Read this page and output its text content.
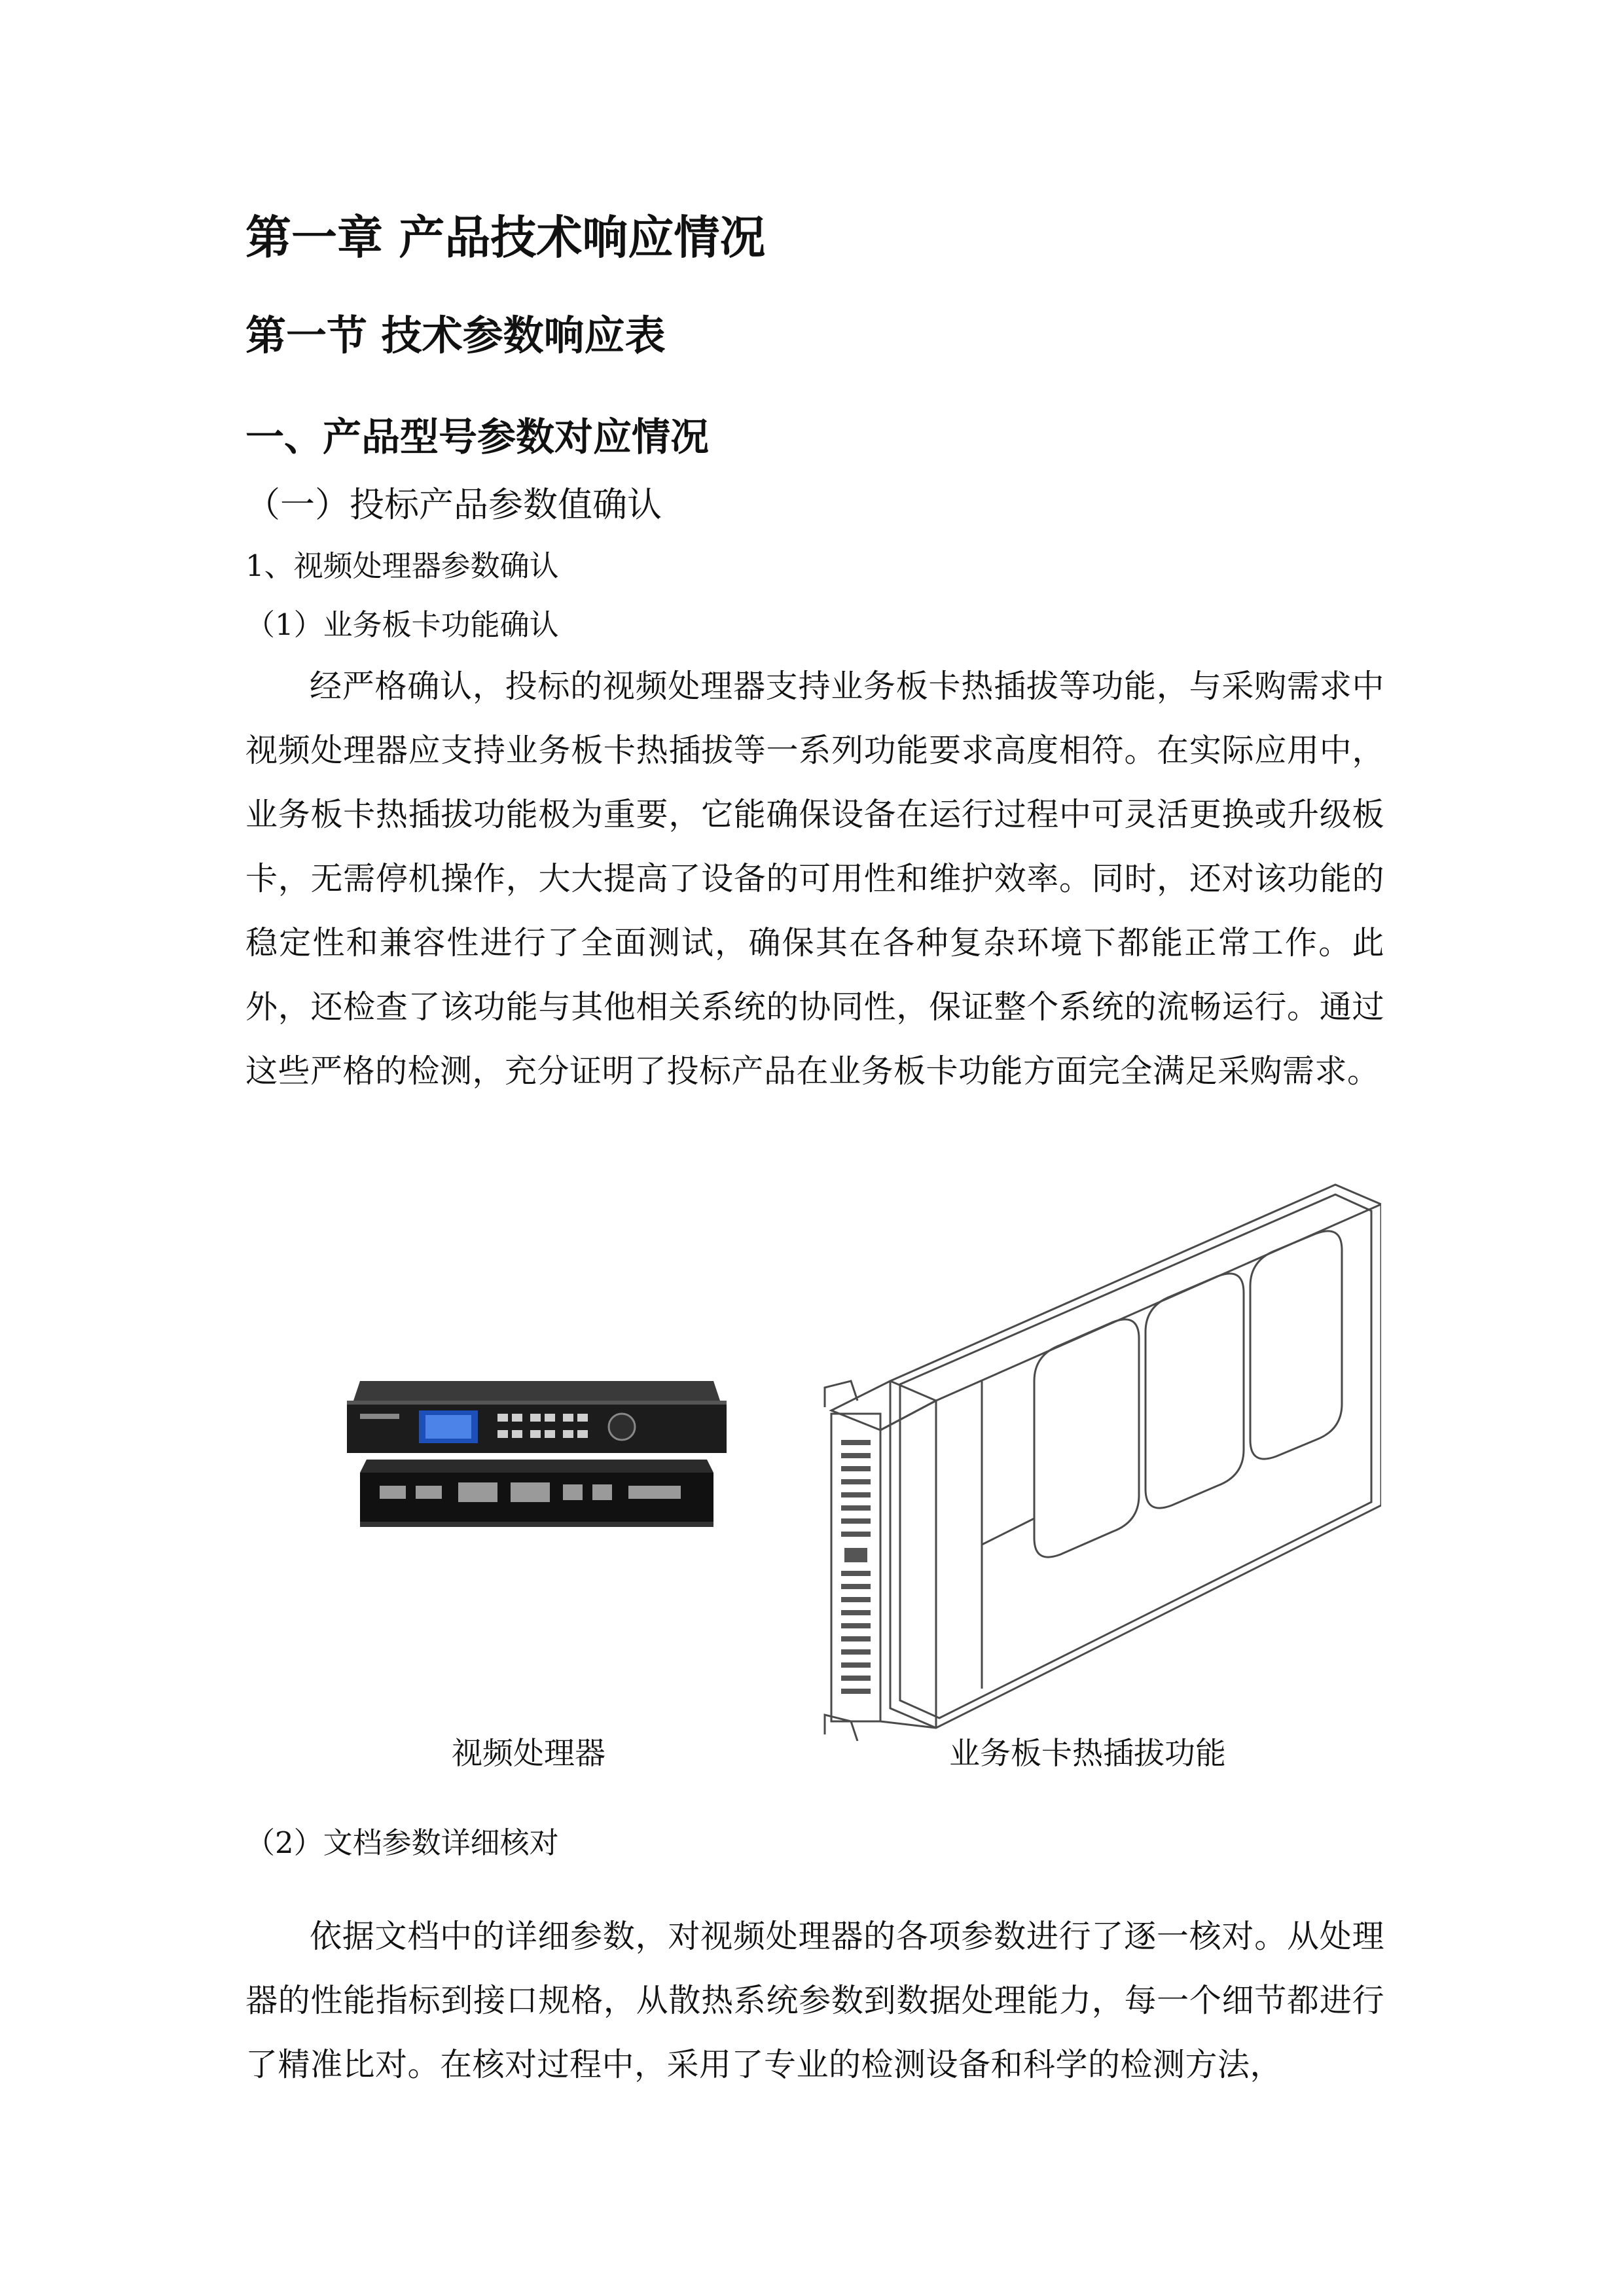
第一章 产品技术响应情况
第一节 技术参数响应表
一、产品型号参数对应情况
（一）投标产品参数值确认
1、视频处理器参数确认
（1）业务板卡功能确认
经严格确认，投标的视频处理器支持业务板卡热插拔等功能，与采购需求中视频处理器应支持业务板卡热插拔等一系列功能要求高度相符。在实际应用中，业务板卡热插拔功能极为重要，它能确保设备在运行过程中可灵活更换或升级板卡，无需停机操作，大大提高了设备的可用性和维护效率。同时，还对该功能的稳定性和兼容性进行了全面测试，确保其在各种复杂环境下都能正常工作。此外，还检查了该功能与其他相关系统的协同性，保证整个系统的流畅运行。通过这些严格的检测，充分证明了投标产品在业务板卡功能方面完全满足采购需求。
视频处理器	业务板卡热插拔功能
（2）文档参数详细核对
依据文档中的详细参数，对视频处理器的各项参数进行了逐一核对。从处理器的性能指标到接口规格，从散热系统参数到数据处理能力，每一个细节都进行了精准比对。在核对过程中，采用了专业的检测设备和科学的检测方法，
